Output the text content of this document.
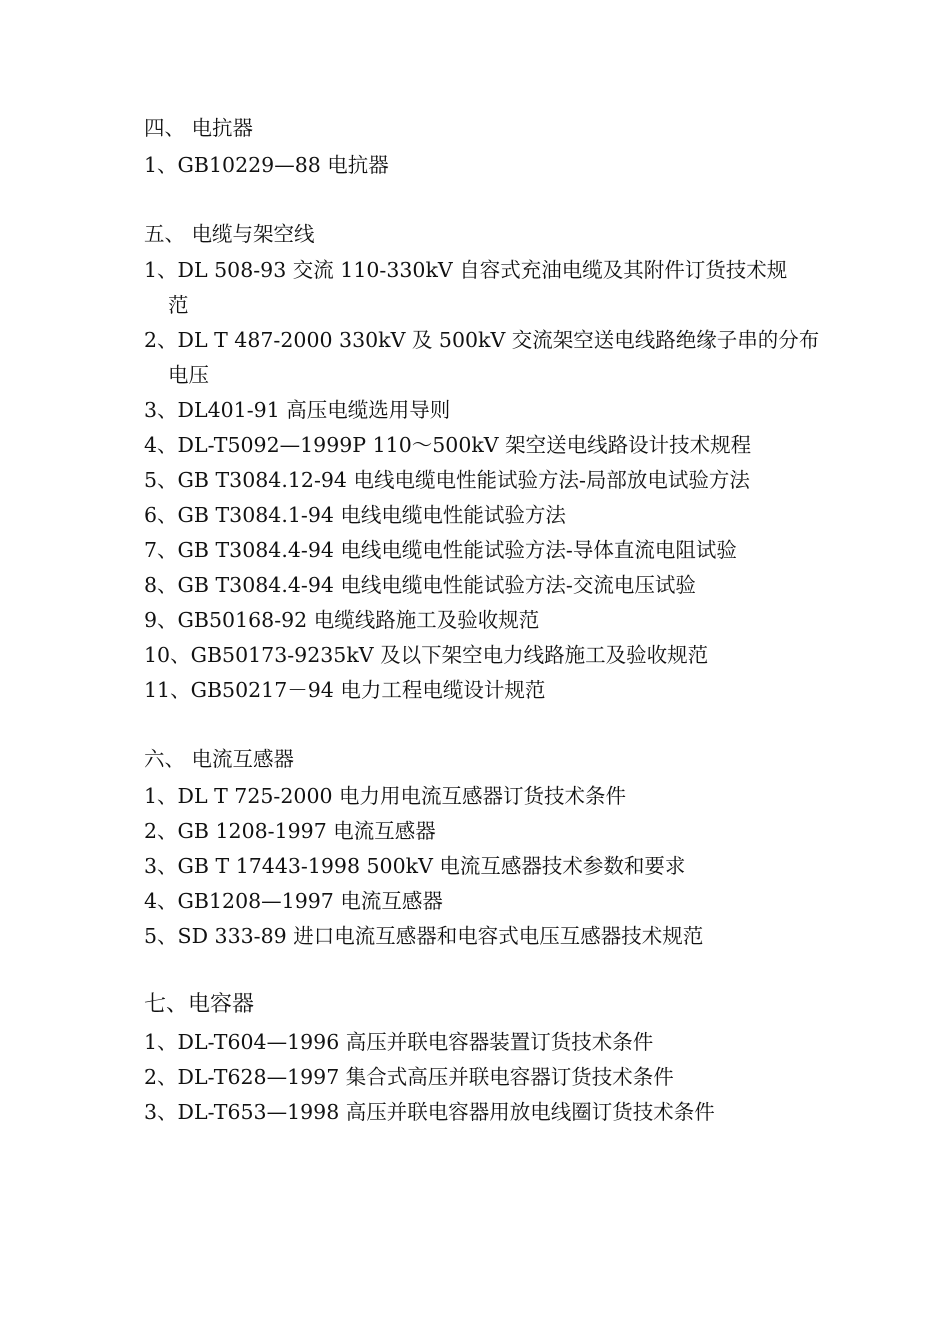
四、 电抗器
1、GB10229—88 电抗器
五、 电缆与架空线
1、DL 508-93 交流 110-330kV 自容式充油电缆及其附件订货技术规
范
2、DL T 487-2000 330kV 及 500kV 交流架空送电线路绝缘子串的分布
电压
3、DL401-91 高压电缆选用导则
4、DL-T5092—1999P 110～500kV 架空送电线路设计技术规程
5、GB T3084.12-94 电线电缆电性能试验方法-局部放电试验方法
6、GB T3084.1-94 电线电缆电性能试验方法
7、GB T3084.4-94 电线电缆电性能试验方法-导体直流电阻试验
8、GB T3084.4-94 电线电缆电性能试验方法-交流电压试验
9、GB50168-92 电缆线路施工及验收规范
10、GB50173-9235kV 及以下架空电力线路施工及验收规范
11、GB50217－94 电力工程电缆设计规范
六、 电流互感器
1、DL T 725-2000 电力用电流互感器订货技术条件
2、GB 1208-1997 电流互感器
3、GB T 17443-1998 500kV 电流互感器技术参数和要求
4、GB1208—1997 电流互感器
5、SD 333-89 进口电流互感器和电容式电压互感器技术规范
七、电容器
1、DL-T604—1996 高压并联电容器装置订货技术条件
2、DL-T628—1997 集合式高压并联电容器订货技术条件
3、DL-T653—1998 高压并联电容器用放电线圈订货技术条件
